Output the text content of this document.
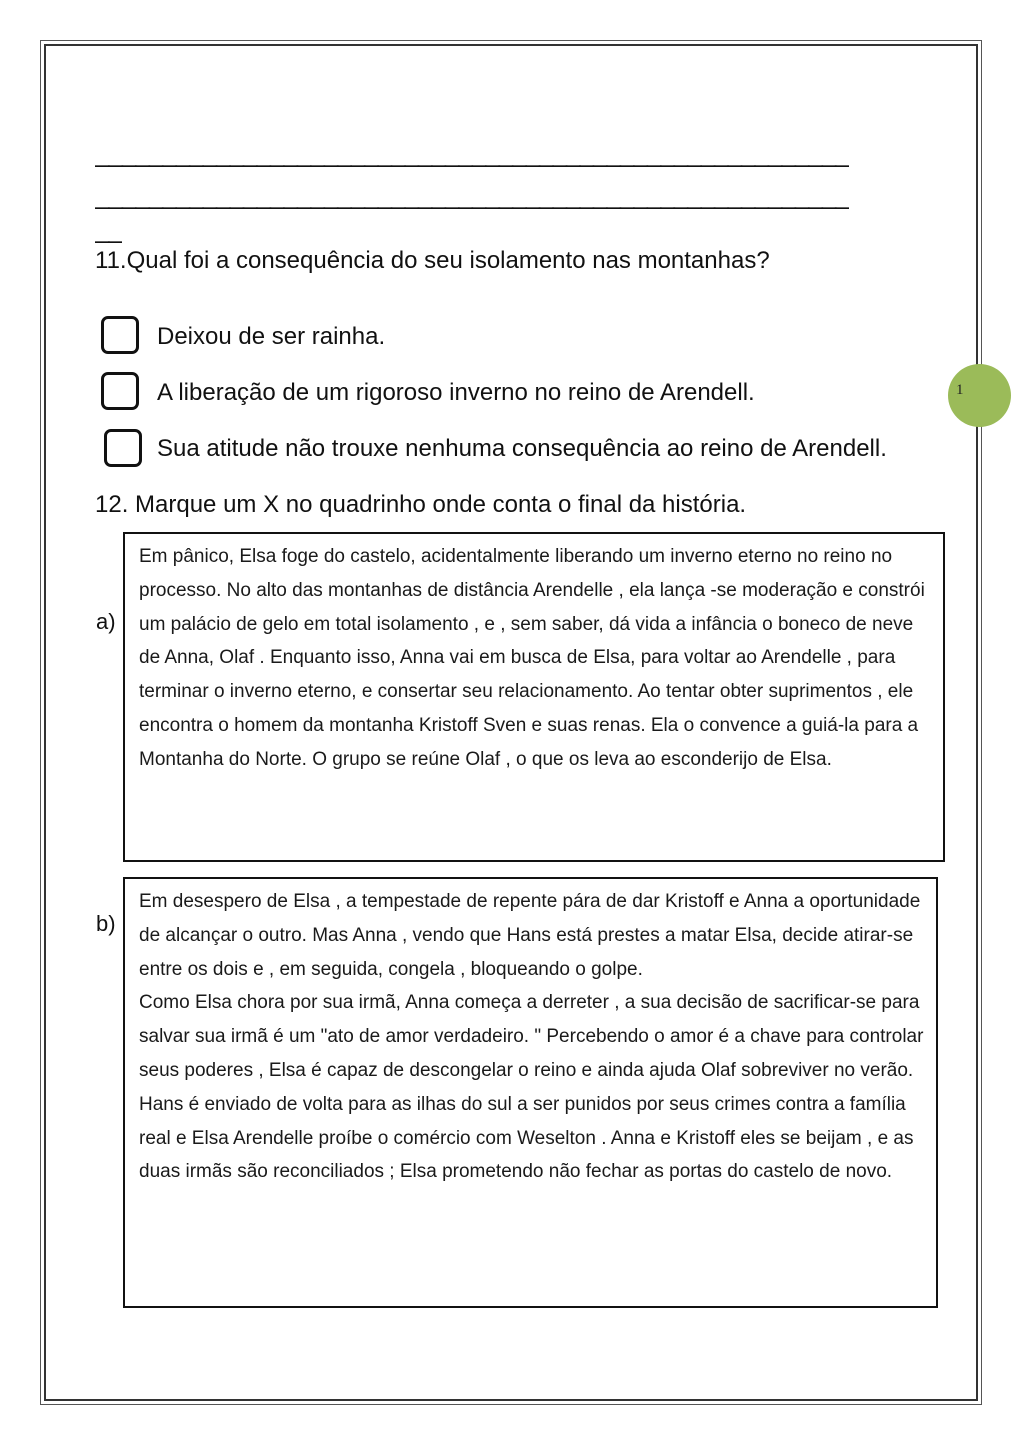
________________________________________________________
________________________________________________________
__
11.Qual foi a consequência do seu isolamento nas montanhas?
Deixou de ser rainha.
A liberação de um rigoroso inverno no reino de Arendell.
Sua atitude não trouxe nenhuma consequência ao reino de Arendell.
1
12. Marque um X no quadrinho onde conta o final da história.
a)

Em pânico, Elsa foge do castelo, acidentalmente liberando um inverno eterno no reino no processo. No alto das montanhas de distância Arendelle , ela lança -se moderação e constrói um palácio de gelo em total isolamento , e , sem saber, dá vida a infância o boneco de neve de Anna, Olaf . Enquanto isso, Anna vai em busca de Elsa, para voltar ao Arendelle , para terminar o inverno eterno, e consertar seu relacionamento. Ao tentar obter suprimentos , ele encontra o homem da montanha Kristoff Sven e suas renas. Ela o convence a guiá-la para a Montanha do Norte. O grupo se reúne Olaf , o que os leva ao esconderijo de Elsa.

b)

Em desespero de Elsa , a tempestade de repente pára de dar Kristoff e Anna a oportunidade de alcançar o outro. Mas Anna , vendo que Hans está prestes a matar Elsa, decide atirar-se entre os dois e , em seguida, congela , bloqueando o golpe.

Como Elsa chora por sua irmã, Anna começa a derreter , a sua decisão de sacrificar-se para salvar sua irmã é um "ato de amor verdadeiro. " Percebendo o amor é a chave para controlar seus poderes , Elsa é capaz de descongelar o reino e ainda ajuda Olaf sobreviver no verão. Hans é enviado de volta para as ilhas do sul a ser punidos por seus crimes contra a família real e Elsa Arendelle proíbe o comércio com Weselton . Anna e Kristoff eles se beijam , e as duas irmãs são reconciliados ; Elsa prometendo não fechar as portas do castelo de novo.
